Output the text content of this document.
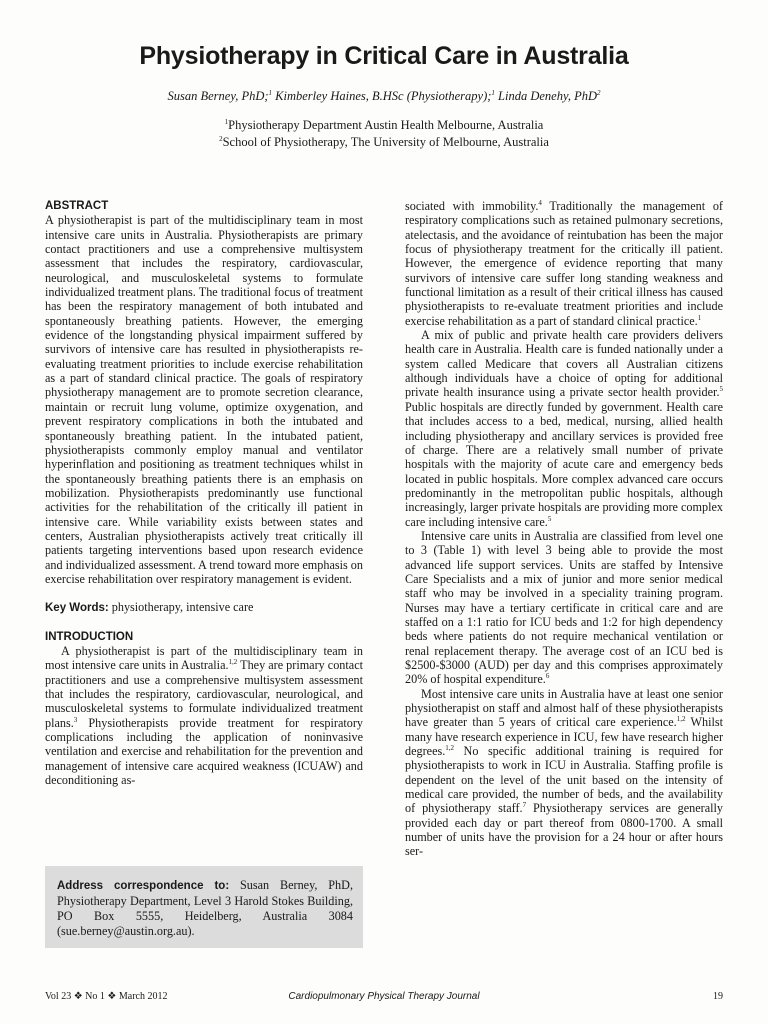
Physiotherapy in Critical Care in Australia
Susan Berney, PhD;$^1$ Kimberley Haines, B.HSc (Physiotherapy);$^1$ Linda Denehy, PhD$^2$
$^1$Physiotherapy Department Austin Health Melbourne, Australia
$^2$School of Physiotherapy, The University of Melbourne, Australia
ABSTRACT

A physiotherapist is part of the multidisciplinary team in most intensive care units in Australia. Physiotherapists are primary contact practitioners and use a comprehensive multisystem assessment that includes the respiratory, cardiovascular, neurological, and musculoskeletal systems to formulate individualized treatment plans. The traditional focus of treatment has been the respiratory management of both intubated and spontaneously breathing patients. However, the emerging evidence of the longstanding physical impairment suffered by survivors of intensive care has resulted in physiotherapists re-evaluating treatment priorities to include exercise rehabilitation as a part of standard clinical practice. The goals of respiratory physiotherapy management are to promote secretion clearance, maintain or recruit lung volume, optimize oxygenation, and prevent respiratory complications in both the intubated and spontaneously breathing patient. In the intubated patient, physiotherapists commonly employ manual and ventilator hyperinflation and positioning as treatment techniques whilst in the spontaneously breathing patients there is an emphasis on mobilization. Physiotherapists predominantly use functional activities for the rehabilitation of the critically ill patient in intensive care. While variability exists between states and centers, Australian physiotherapists actively treat critically ill patients targeting interventions based upon research evidence and individualized assessment. A trend toward more emphasis on exercise rehabilitation over respiratory management is evident.

Key Words: physiotherapy, intensive care

INTRODUCTION

A physiotherapist is part of the multidisciplinary team in most intensive care units in Australia.$^{1,2}$ They are primary contact practitioners and use a comprehensive multisystem assessment that includes the respiratory, cardiovascular, neurological, and musculoskeletal systems to formulate individualized treatment plans.$^3$ Physiotherapists provide treatment for respiratory complications including the application of noninvasive ventilation and exercise and rehabilitation for the prevention and management of intensive care acquired weakness (ICUAW) and deconditioning as-

Address correspondence to: Susan Berney, PhD, Physiotherapy Department, Level 3 Harold Stokes Building, PO Box 5555, Heidelberg, Australia 3084 (sue.berney@austin.org.au).

sociated with immobility.$^4$ Traditionally the management of respiratory complications such as retained pulmonary secretions, atelectasis, and the avoidance of reintubation has been the major focus of physiotherapy treatment for the critically ill patient. However, the emergence of evidence reporting that many survivors of intensive care suffer long standing weakness and functional limitation as a result of their critical illness has caused physiotherapists to re-evaluate treatment priorities and include exercise rehabilitation as a part of standard clinical practice.$^1$

A mix of public and private health care providers delivers health care in Australia. Health care is funded nationally under a system called Medicare that covers all Australian citizens although individuals have a choice of opting for additional private health insurance using a private sector health provider.$^5$ Public hospitals are directly funded by government. Health care that includes access to a bed, medical, nursing, allied health including physiotherapy and ancillary services is provided free of charge. There are a relatively small number of private hospitals with the majority of acute care and emergency beds located in public hospitals. More complex advanced care occurs predominantly in the metropolitan public hospitals, although increasingly, larger private hospitals are providing more complex care including intensive care.$^5$

Intensive care units in Australia are classified from level one to 3 (Table 1) with level 3 being able to provide the most advanced life support services. Units are staffed by Intensive Care Specialists and a mix of junior and more senior medical staff who may be involved in a speciality training program. Nurses may have a tertiary certificate in critical care and are staffed on a 1:1 ratio for ICU beds and 1:2 for high dependency beds where patients do not require mechanical ventilation or renal replacement therapy. The average cost of an ICU bed is $2500-$3000 (AUD) per day and this comprises approximately 20% of hospital expenditure.$^6$

Most intensive care units in Australia have at least one senior physiotherapist on staff and almost half of these physiotherapists have greater than 5 years of critical care experience.$^{1,2}$ Whilst many have research experience in ICU, few have research higher degrees.$^{1,2}$ No specific additional training is required for physiotherapists to work in ICU in Australia. Staffing profile is dependent on the level of the unit based on the intensity of medical care provided, the number of beds, and the availability of physiotherapy staff.$^7$ Physiotherapy services are generally provided each day or part thereof from 0800-1700. A small number of units have the provision for a 24 hour or after hours ser-

Vol 23 ❖ No 1 ❖ March 2012	Cardiopulmonary Physical Therapy Journal	19
